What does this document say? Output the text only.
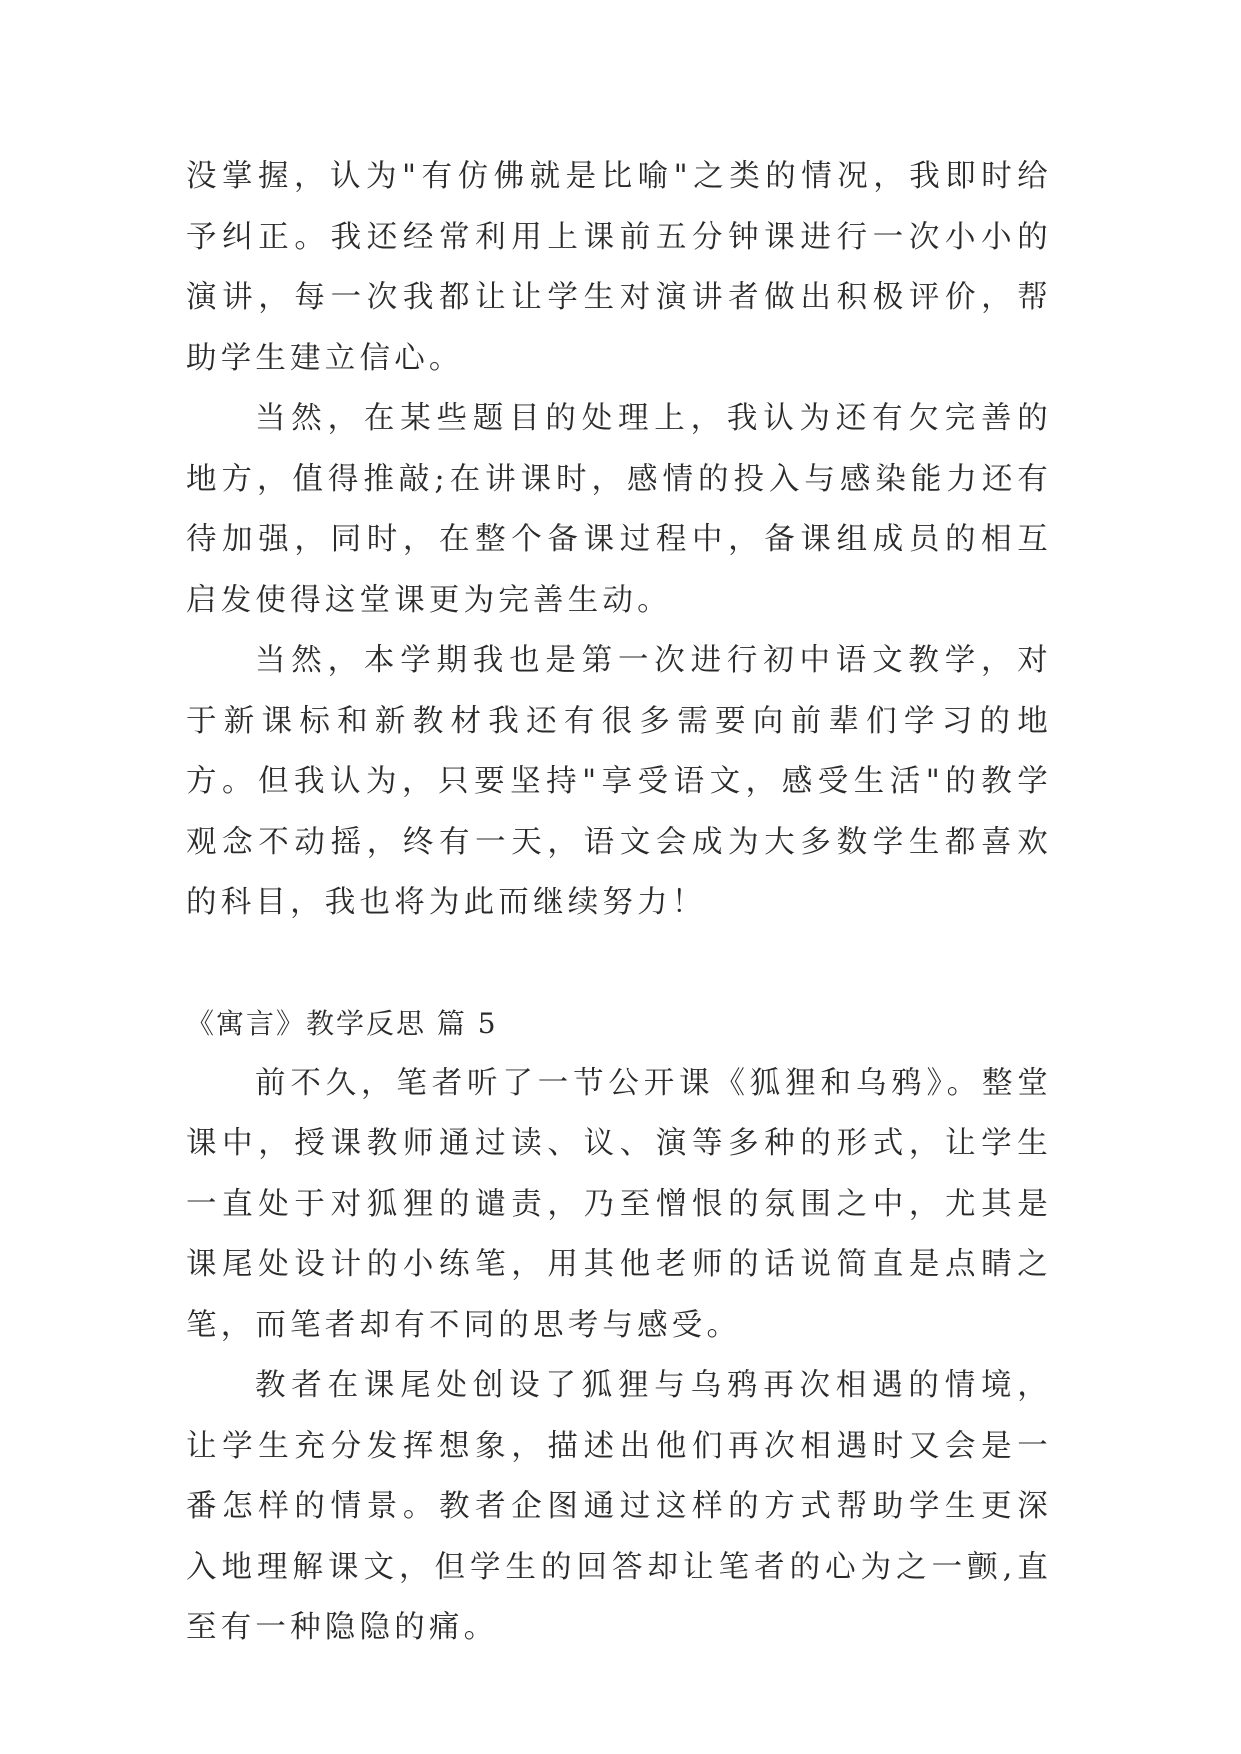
没掌握，认为"有仿佛就是比喻"之类的情况，我即时给予纠正。我还经常利用上课前五分钟课进行一次小小的演讲，每一次我都让让学生对演讲者做出积极评价，帮助学生建立信心。

当然，在某些题目的处理上，我认为还有欠完善的地方，值得推敲;在讲课时，感情的投入与感染能力还有待加强，同时，在整个备课过程中，备课组成员的相互启发使得这堂课更为完善生动。

当然，本学期我也是第一次进行初中语文教学，对于新课标和新教材我还有很多需要向前辈们学习的地方。但我认为，只要坚持"享受语文，感受生活"的教学观念不动摇，终有一天，语文会成为大多数学生都喜欢的科目，我也将为此而继续努力！

《寓言》教学反思 篇 5

前不久，笔者听了一节公开课《狐狸和乌鸦》。整堂课中，授课教师通过读、议、演等多种的形式，让学生一直处于对狐狸的谴责，乃至憎恨的氛围之中，尤其是课尾处设计的小练笔，用其他老师的话说简直是点睛之笔，而笔者却有不同的思考与感受。

教者在课尾处创设了狐狸与乌鸦再次相遇的情境，让学生充分发挥想象，描述出他们再次相遇时又会是一番怎样的情景。教者企图通过这样的方式帮助学生更深入地理解课文，但学生的回答却让笔者的心为之一颤,直至有一种隐隐的痛。
